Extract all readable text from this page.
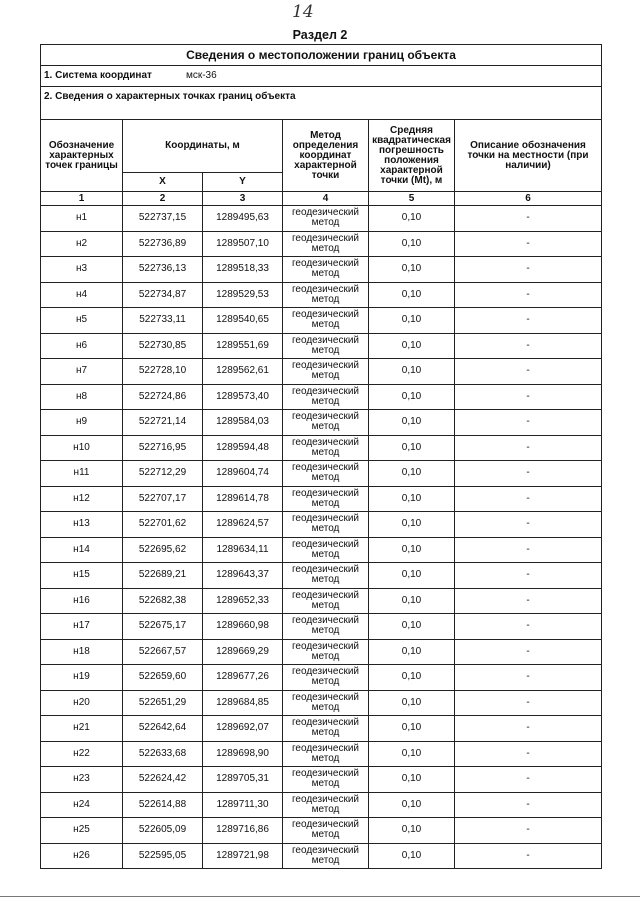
14
Раздел 2
Сведения о местоположении границ объекта					
1. Система координат мск-36					
2. Сведения о характерных точках границ объекта					
Обозначение характерных точек границы	Координаты, м		Метод определения координат характерной точки	Средняя квадратическая погрешность положения характерной точки (Mt), м	Описание обозначения точки на местности (при наличии)
	X	Y			
1	2	3	4	5	6
н1	522737,15	1289495,63	геодезический метод	0,10	-
н2	522736,89	1289507,10	геодезический метод	0,10	-
н3	522736,13	1289518,33	геодезический метод	0,10	-
н4	522734,87	1289529,53	геодезический метод	0,10	-
н5	522733,11	1289540,65	геодезический метод	0,10	-
н6	522730,85	1289551,69	геодезический метод	0,10	-
н7	522728,10	1289562,61	геодезический метод	0,10	-
н8	522724,86	1289573,40	геодезический метод	0,10	-
н9	522721,14	1289584,03	геодезический метод	0,10	-
н10	522716,95	1289594,48	геодезический метод	0,10	-
н11	522712,29	1289604,74	геодезический метод	0,10	-
н12	522707,17	1289614,78	геодезический метод	0,10	-
н13	522701,62	1289624,57	геодезический метод	0,10	-
н14	522695,62	1289634,11	геодезический метод	0,10	-
н15	522689,21	1289643,37	геодезический метод	0,10	-
н16	522682,38	1289652,33	геодезический метод	0,10	-
н17	522675,17	1289660,98	геодезический метод	0,10	-
н18	522667,57	1289669,29	геодезический метод	0,10	-
н19	522659,60	1289677,26	геодезический метод	0,10	-
н20	522651,29	1289684,85	геодезический метод	0,10	-
н21	522642,64	1289692,07	геодезический метод	0,10	-
н22	522633,68	1289698,90	геодезический метод	0,10	-
н23	522624,42	1289705,31	геодезический метод	0,10	-
н24	522614,88	1289711,30	геодезический метод	0,10	-
н25	522605,09	1289716,86	геодезический метод	0,10	-
н26	522595,05	1289721,98	геодезический метод	0,10	-
